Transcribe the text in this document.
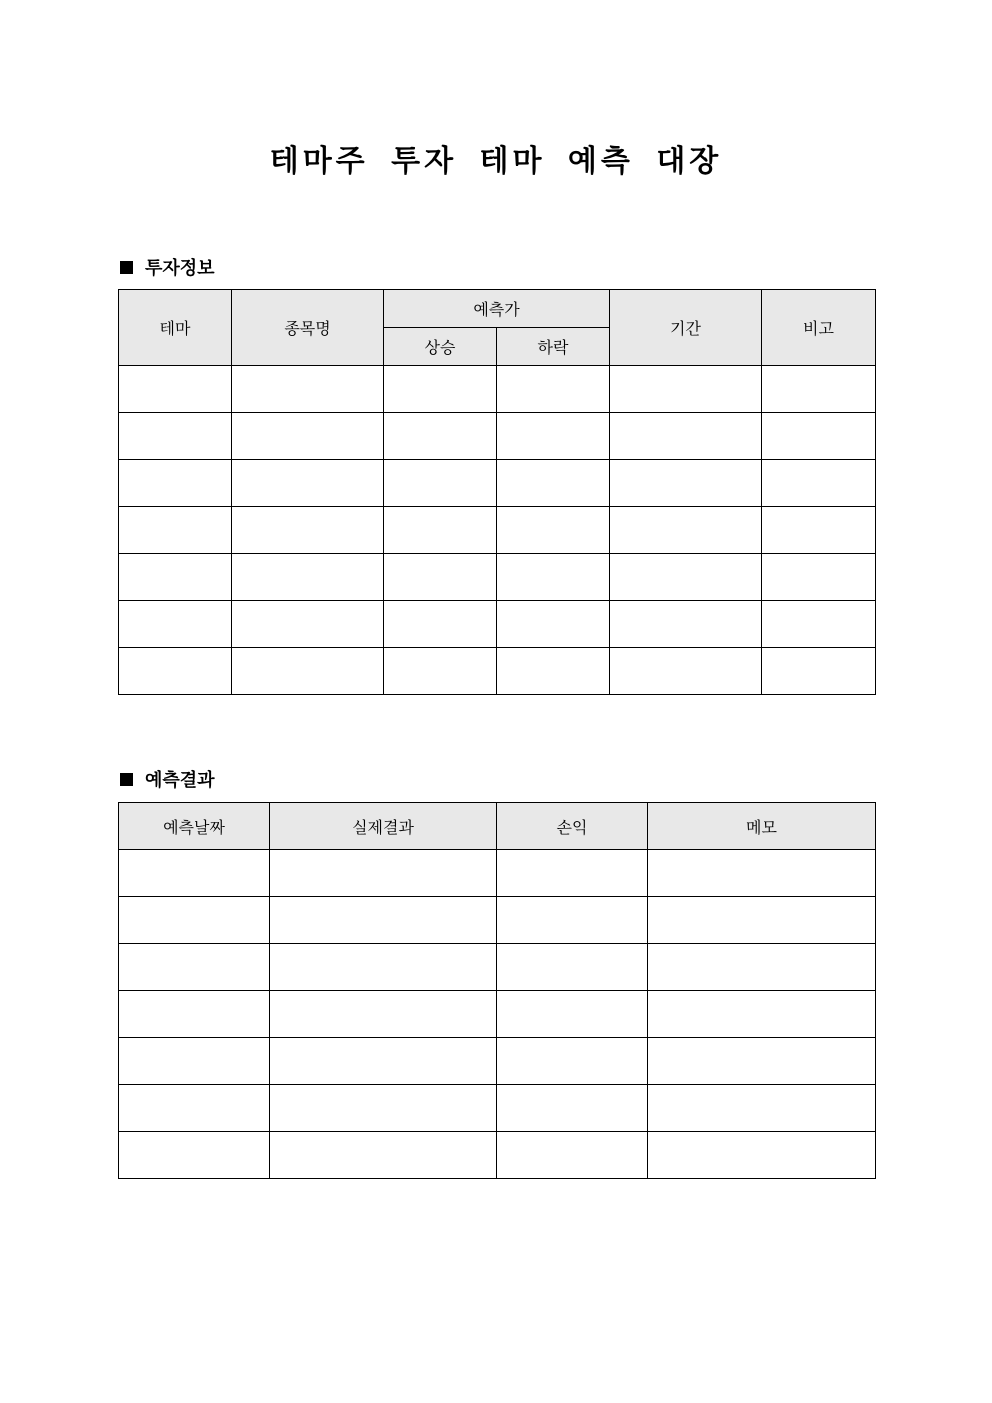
테마주 투자 테마 예측 대장
투자정보
테마	종목명	예측가		기간	비고
		상승	하락		

예측결과
예측날짜	실제결과	손익	메모
